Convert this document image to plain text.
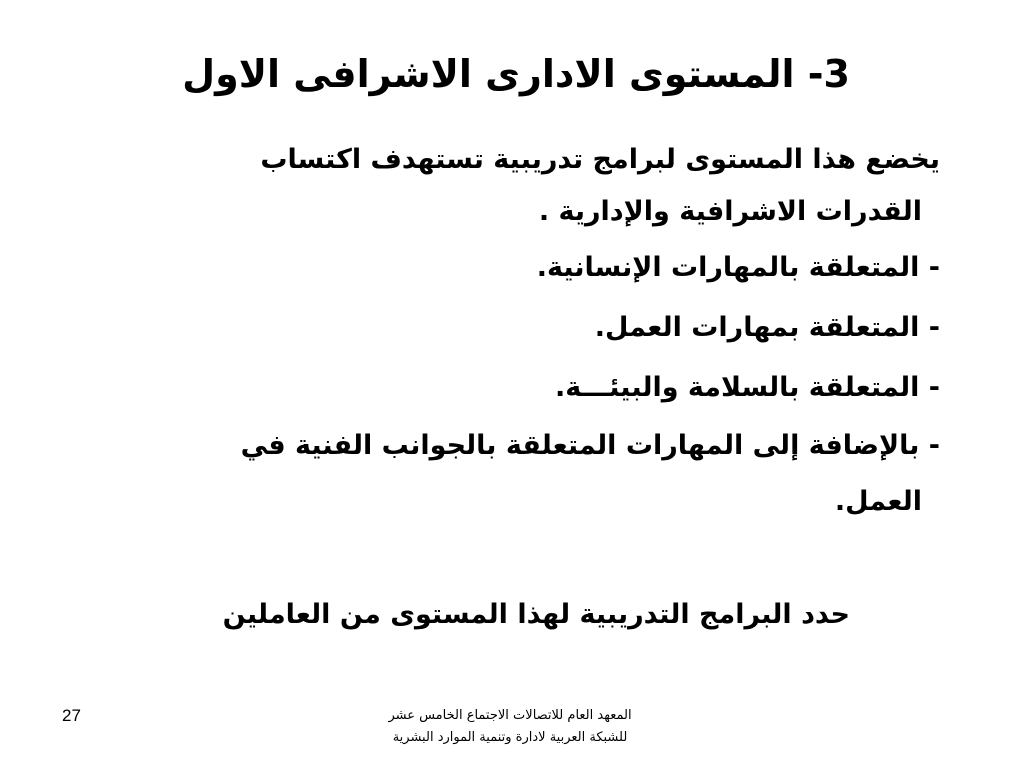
3- المستوى الادارى الاشرافى الاول
يخضع هذا المستوى لبرامج تدريبية تستهدف اكتساب
القدرات الاشرافية والإدارية .
- المتعلقة بالمهارات الإنسانية.
- المتعلقة بمهارات العمل.
- المتعلقة بالسلامة والبيئـــة.
- بالإضافة إلى المهارات المتعلقة بالجوانب الفنية في
العمل.
حدد البرامج التدريبية لهذا المستوى من العاملين
27	المعهد العام للاتصالات الاجتماع الخامس عشر
للشبكة العربية لادارة وتنمية الموارد البشرية
